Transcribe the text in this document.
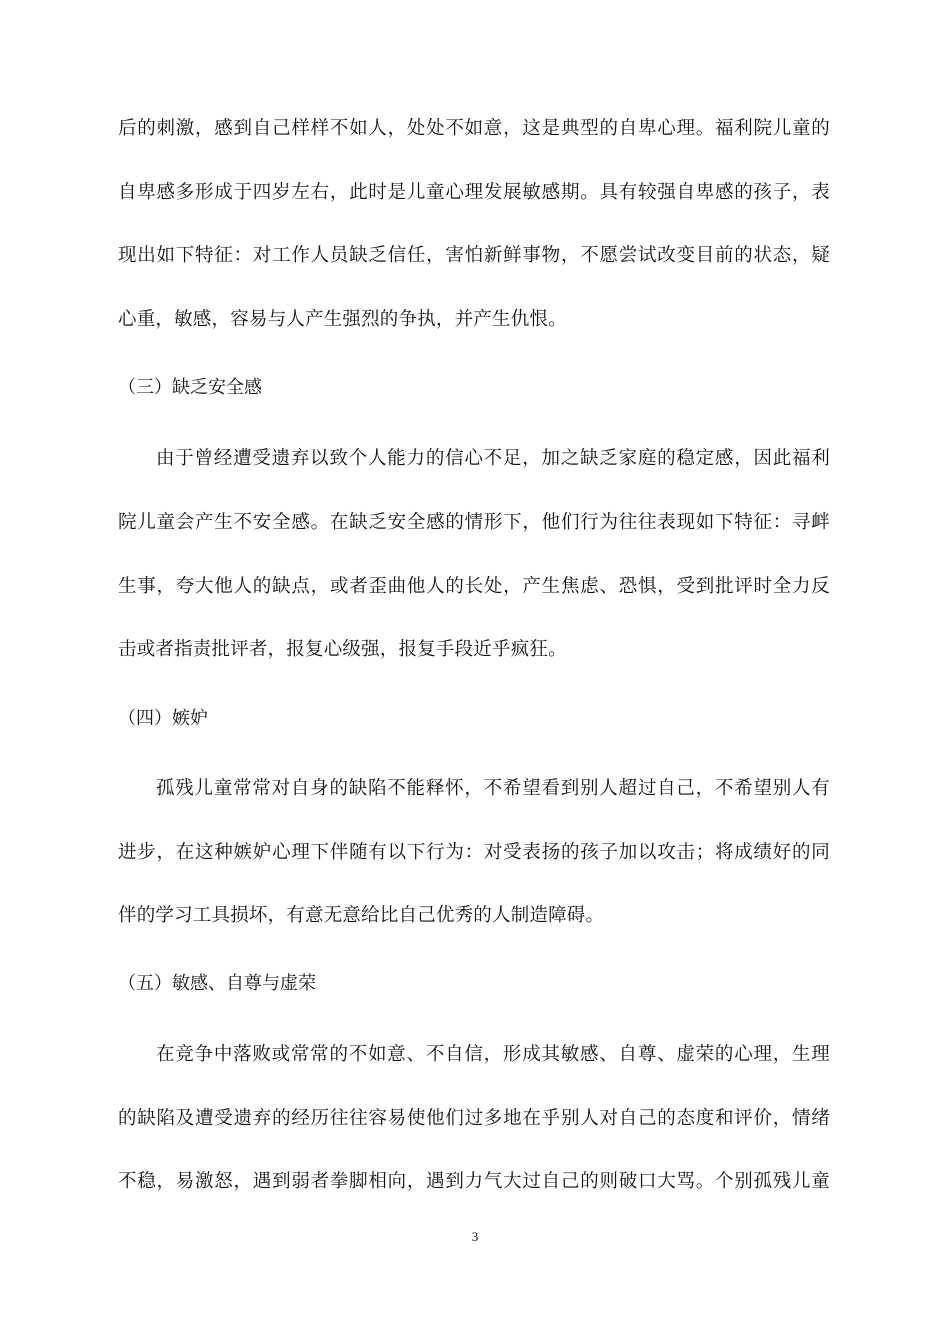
后的刺激，感到自己样样不如人，处处不如意，这是典型的自卑心理。福利院儿童的
自卑感多形成于四岁左右，此时是儿童心理发展敏感期。具有较强自卑感的孩子，表
现出如下特征：对工作人员缺乏信任，害怕新鲜事物，不愿尝试改变目前的状态，疑
心重，敏感，容易与人产生强烈的争执，并产生仇恨。
（三）缺乏安全感
由于曾经遭受遗弃以致个人能力的信心不足，加之缺乏家庭的稳定感，因此福利
院儿童会产生不安全感。在缺乏安全感的情形下，他们行为往往表现如下特征：寻衅
生事，夸大他人的缺点，或者歪曲他人的长处，产生焦虑、恐惧，受到批评时全力反
击或者指责批评者，报复心级强，报复手段近乎疯狂。
（四）嫉妒
孤残儿童常常对自身的缺陷不能释怀，不希望看到别人超过自己，不希望别人有
进步，在这种嫉妒心理下伴随有以下行为：对受表扬的孩子加以攻击；将成绩好的同
伴的学习工具损坏，有意无意给比自己优秀的人制造障碍。
（五）敏感、自尊与虚荣
在竞争中落败或常常的不如意、不自信，形成其敏感、自尊、虚荣的心理，生理
的缺陷及遭受遗弃的经历往往容易使他们过多地在乎别人对自己的态度和评价，情绪
不稳，易激怒，遇到弱者拳脚相向，遇到力气大过自己的则破口大骂。个别孤残儿童
3
